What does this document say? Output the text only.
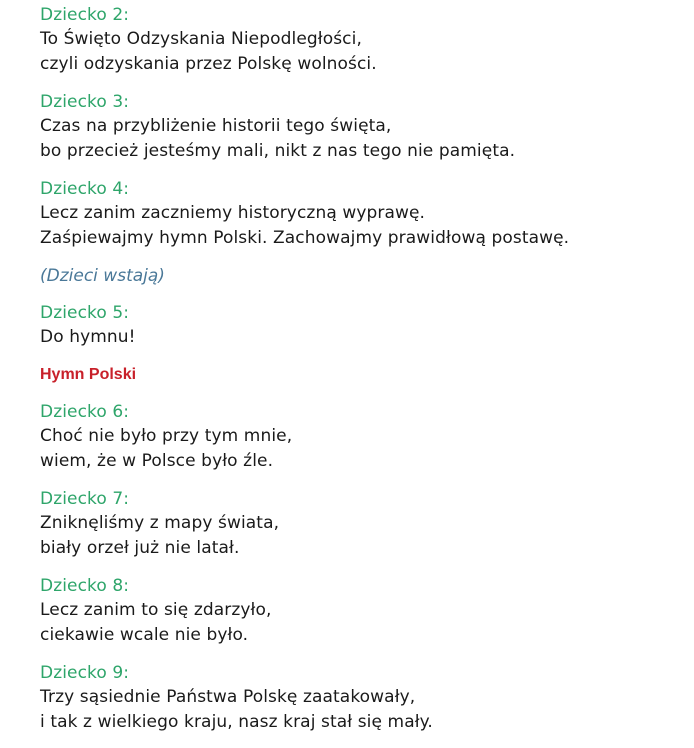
Dziecko 2:
To Święto Odzyskania Niepodległości,
czyli odzyskania przez Polskę wolności.
Dziecko 3:
Czas na przybliżenie historii tego święta,
bo przecież jesteśmy mali, nikt z nas tego nie pamięta.
Dziecko 4:
Lecz zanim zaczniemy historyczną wyprawę.
Zaśpiewajmy hymn Polski. Zachowajmy prawidłową postawę.
(Dzieci wstają)
Dziecko 5:
Do hymnu!
Hymn Polski
Dziecko 6:
Choć nie było przy tym mnie,
wiem, że w Polsce było źle.
Dziecko 7:
Zniknęliśmy z mapy świata,
biały orzeł już nie latał.
Dziecko 8:
Lecz zanim to się zdarzyło,
ciekawie wcale nie było.
Dziecko 9:
Trzy sąsiednie Państwa Polskę zaatakowały,
i tak z wielkiego kraju, nasz kraj stał się mały.
